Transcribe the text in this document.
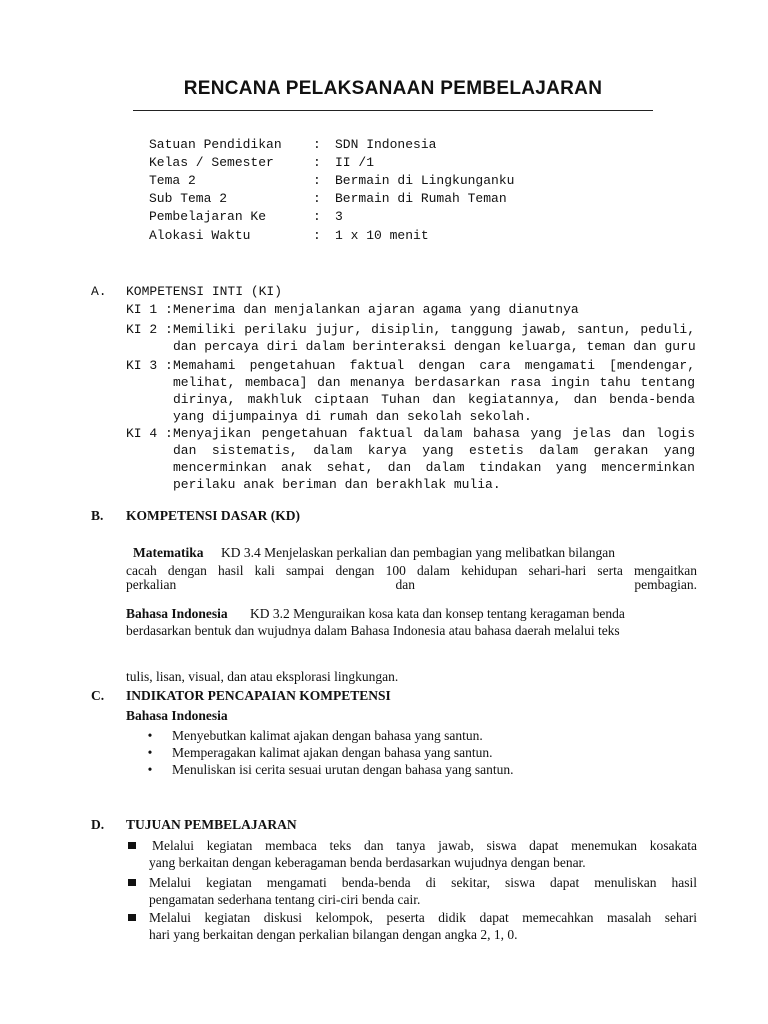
RENCANA PELAKSANAAN PEMBELAJARAN
Satuan Pendidikan : SDN Indonesia
Kelas / Semester	: II /1
Tema 2	: Bermain di Lingkunganku
Sub Tema 2	: Bermain di Rumah Teman
Pembelajaran Ke	: 3
Alokasi Waktu	: 1 x 10 menit
A. KOMPETENSI INTI (KI)
KI 1 : Menerima dan menjalankan ajaran agama yang dianutnya
KI 2 : Memiliki perilaku jujur, disiplin, tanggung jawab, santun, peduli,
dan percaya diri dalam berinteraksi dengan keluarga, teman dan guru
KI 3 : Memahami pengetahuan faktual dengan cara mengamati [mendengar,
melihat, membaca] dan menanya berdasarkan rasa ingin tahu tentang
dirinya, makhluk ciptaan Tuhan dan kegiatannya, dan benda-benda
yang dijumpainya di rumah dan sekolah sekolah.
KI 4 : Menyajikan pengetahuan faktual dalam bahasa yang jelas dan logis
dan sistematis, dalam karya yang estetis dalam gerakan yang
mencerminkan anak sehat, dan dalam tindakan yang mencerminkan
perilaku anak beriman dan berakhlak mulia.
B. KOMPETENSI DASAR (KD)
Matematika KD 3.4 Menjelaskan perkalian dan pembagian yang melibatkan bilangan
cacah dengan hasil kali sampai dengan 100 dalam kehidupan sehari-hari serta mengaitkan
perkalian dan pembagian.
Bahasa Indonesia KD 3.2 Menguraikan kosa kata dan konsep tentang keragaman benda
berdasarkan bentuk dan wujudnya dalam Bahasa Indonesia atau bahasa daerah melalui teks
tulis, lisan, visual, dan atau eksplorasi lingkungan.
C. INDIKATOR PENCAPAIAN KOMPETENSI
Bahasa Indonesia
• Menyebutkan kalimat ajakan dengan bahasa yang santun.
• Memperagakan kalimat ajakan dengan bahasa yang santun.
• Menuliskan isi cerita sesuai urutan dengan bahasa yang santun.
D. TUJUAN PEMBELAJARAN
Melalui kegiatan membaca teks dan tanya jawab, siswa dapat menemukan kosakata
yang berkaitan dengan keberagaman benda berdasarkan wujudnya dengan benar.
Melalui kegiatan mengamati benda-benda di sekitar, siswa dapat menuliskan hasil
pengamatan sederhana tentang ciri-ciri benda cair.
Melalui kegiatan diskusi kelompok, peserta didik dapat memecahkan masalah sehari
hari yang berkaitan dengan perkalian bilangan dengan angka 2, 1, 0.
